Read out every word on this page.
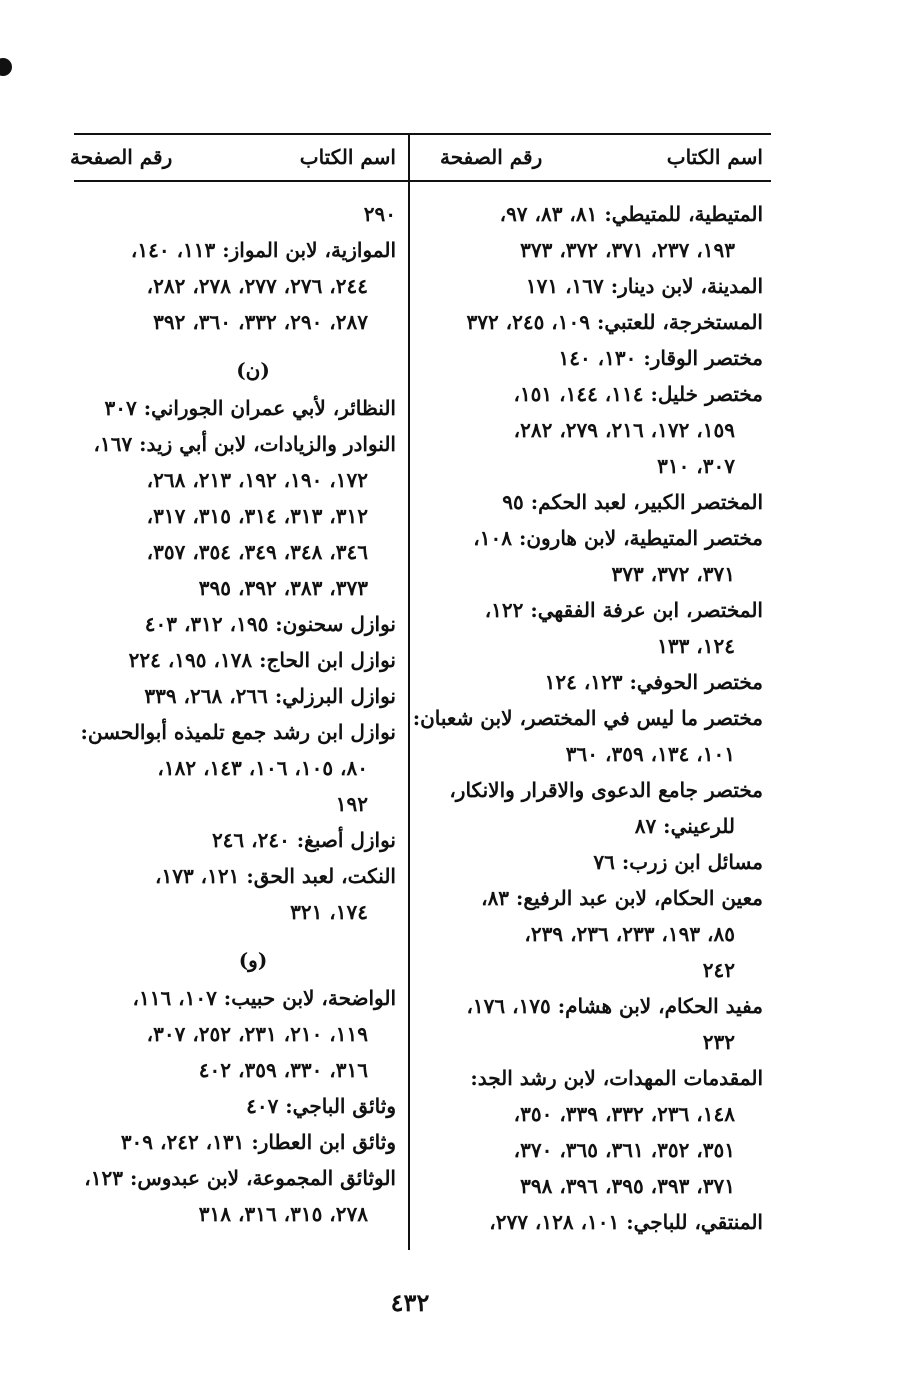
اسم الكتاب
رقم الصفحة
المتيطية، للمتيطي: ٨١، ٨٣، ٩٧،
١٩٣، ٢٣٧، ٣٧١، ٣٧٢، ٣٧٣
المدينة، لابن دينار: ١٦٧، ١٧١
المستخرجة، للعتبي: ١٠٩، ٢٤٥، ٣٧٢
مختصر الوقار: ١٣٠، ١٤٠
مختصر خليل: ١١٤، ١٤٤، ١٥١،
١٥٩، ١٧٢، ٢١٦، ٢٧٩، ٢٨٢،
٣٠٧، ٣١٠
المختصر الكبير، لعبد الحكم: ٩٥
مختصر المتيطية، لابن هارون: ١٠٨،
٣٧١، ٣٧٢، ٣٧٣
المختصر، ابن عرفة الفقهي: ١٢٢،
١٢٤، ١٣٣
مختصر الحوفي: ١٢٣، ١٢٤
مختصر ما ليس في المختصر، لابن شعبان:
١٠١، ١٣٤، ٣٥٩، ٣٦٠
مختصر جامع الدعوى والاقرار والانكار،
للرعيني: ٨٧
مسائل ابن زرب: ٧٦
معين الحكام، لابن عبد الرفيع: ٨٣،
٨٥، ١٩٣، ٢٣٣، ٢٣٦، ٢٣٩،
٢٤٢
مفيد الحكام، لابن هشام: ١٧٥، ١٧٦،
٢٣٢
المقدمات المهدات، لابن رشد الجد:
١٤٨، ٢٣٦، ٣٣٢، ٣٣٩، ٣٥٠،
٣٥١، ٣٥٢، ٣٦١، ٣٦٥، ٣٧٠،
٣٧١، ٣٩٣، ٣٩٥، ٣٩٦، ٣٩٨
المنتقي، للباجي: ١٠١، ١٢٨، ٢٧٧،
اسم الكتاب
رقم الصفحة
٢٩٠
الموازية، لابن المواز: ١١٣، ١٤٠،
٢٤٤، ٢٧٦، ٢٧٧، ٢٧٨، ٢٨٢،
٢٨٧، ٢٩٠، ٣٣٢، ٣٦٠، ٣٩٢
(ن)
النظائر، لأبي عمران الجوراني: ٣٠٧
النوادر والزيادات، لابن أبي زيد: ١٦٧،
١٧٢، ١٩٠، ١٩٢، ٢١٣، ٢٦٨،
٣١٢، ٣١٣، ٣١٤، ٣١٥، ٣١٧،
٣٤٦، ٣٤٨، ٣٤٩، ٣٥٤، ٣٥٧،
٣٧٣، ٣٨٣، ٣٩٢، ٣٩٥
نوازل سحنون: ١٩٥، ٣١٢، ٤٠٣
نوازل ابن الحاج: ١٧٨، ١٩٥، ٢٢٤
نوازل البرزلي: ٢٦٦، ٢٦٨، ٣٣٩
نوازل ابن رشد جمع تلميذه أبوالحسن:
٨٠، ١٠٥، ١٠٦، ١٤٣، ١٨٢،
١٩٢
نوازل أصبغ: ٢٤٠، ٢٤٦
النكت، لعبد الحق: ١٢١، ١٧٣،
١٧٤، ٣٢١
(و)
الواضحة، لابن حبيب: ١٠٧، ١١٦،
١١٩، ٢١٠، ٢٣١، ٢٥٢، ٣٠٧،
٣١٦، ٣٣٠، ٣٥٩، ٤٠٢
وثائق الباجي: ٤٠٧
وثائق ابن العطار: ١٣١، ٢٤٢، ٣٠٩
الوثائق المجموعة، لابن عبدوس: ١٢٣،
٢٧٨، ٣١٥، ٣١٦، ٣١٨
٤٣٢
